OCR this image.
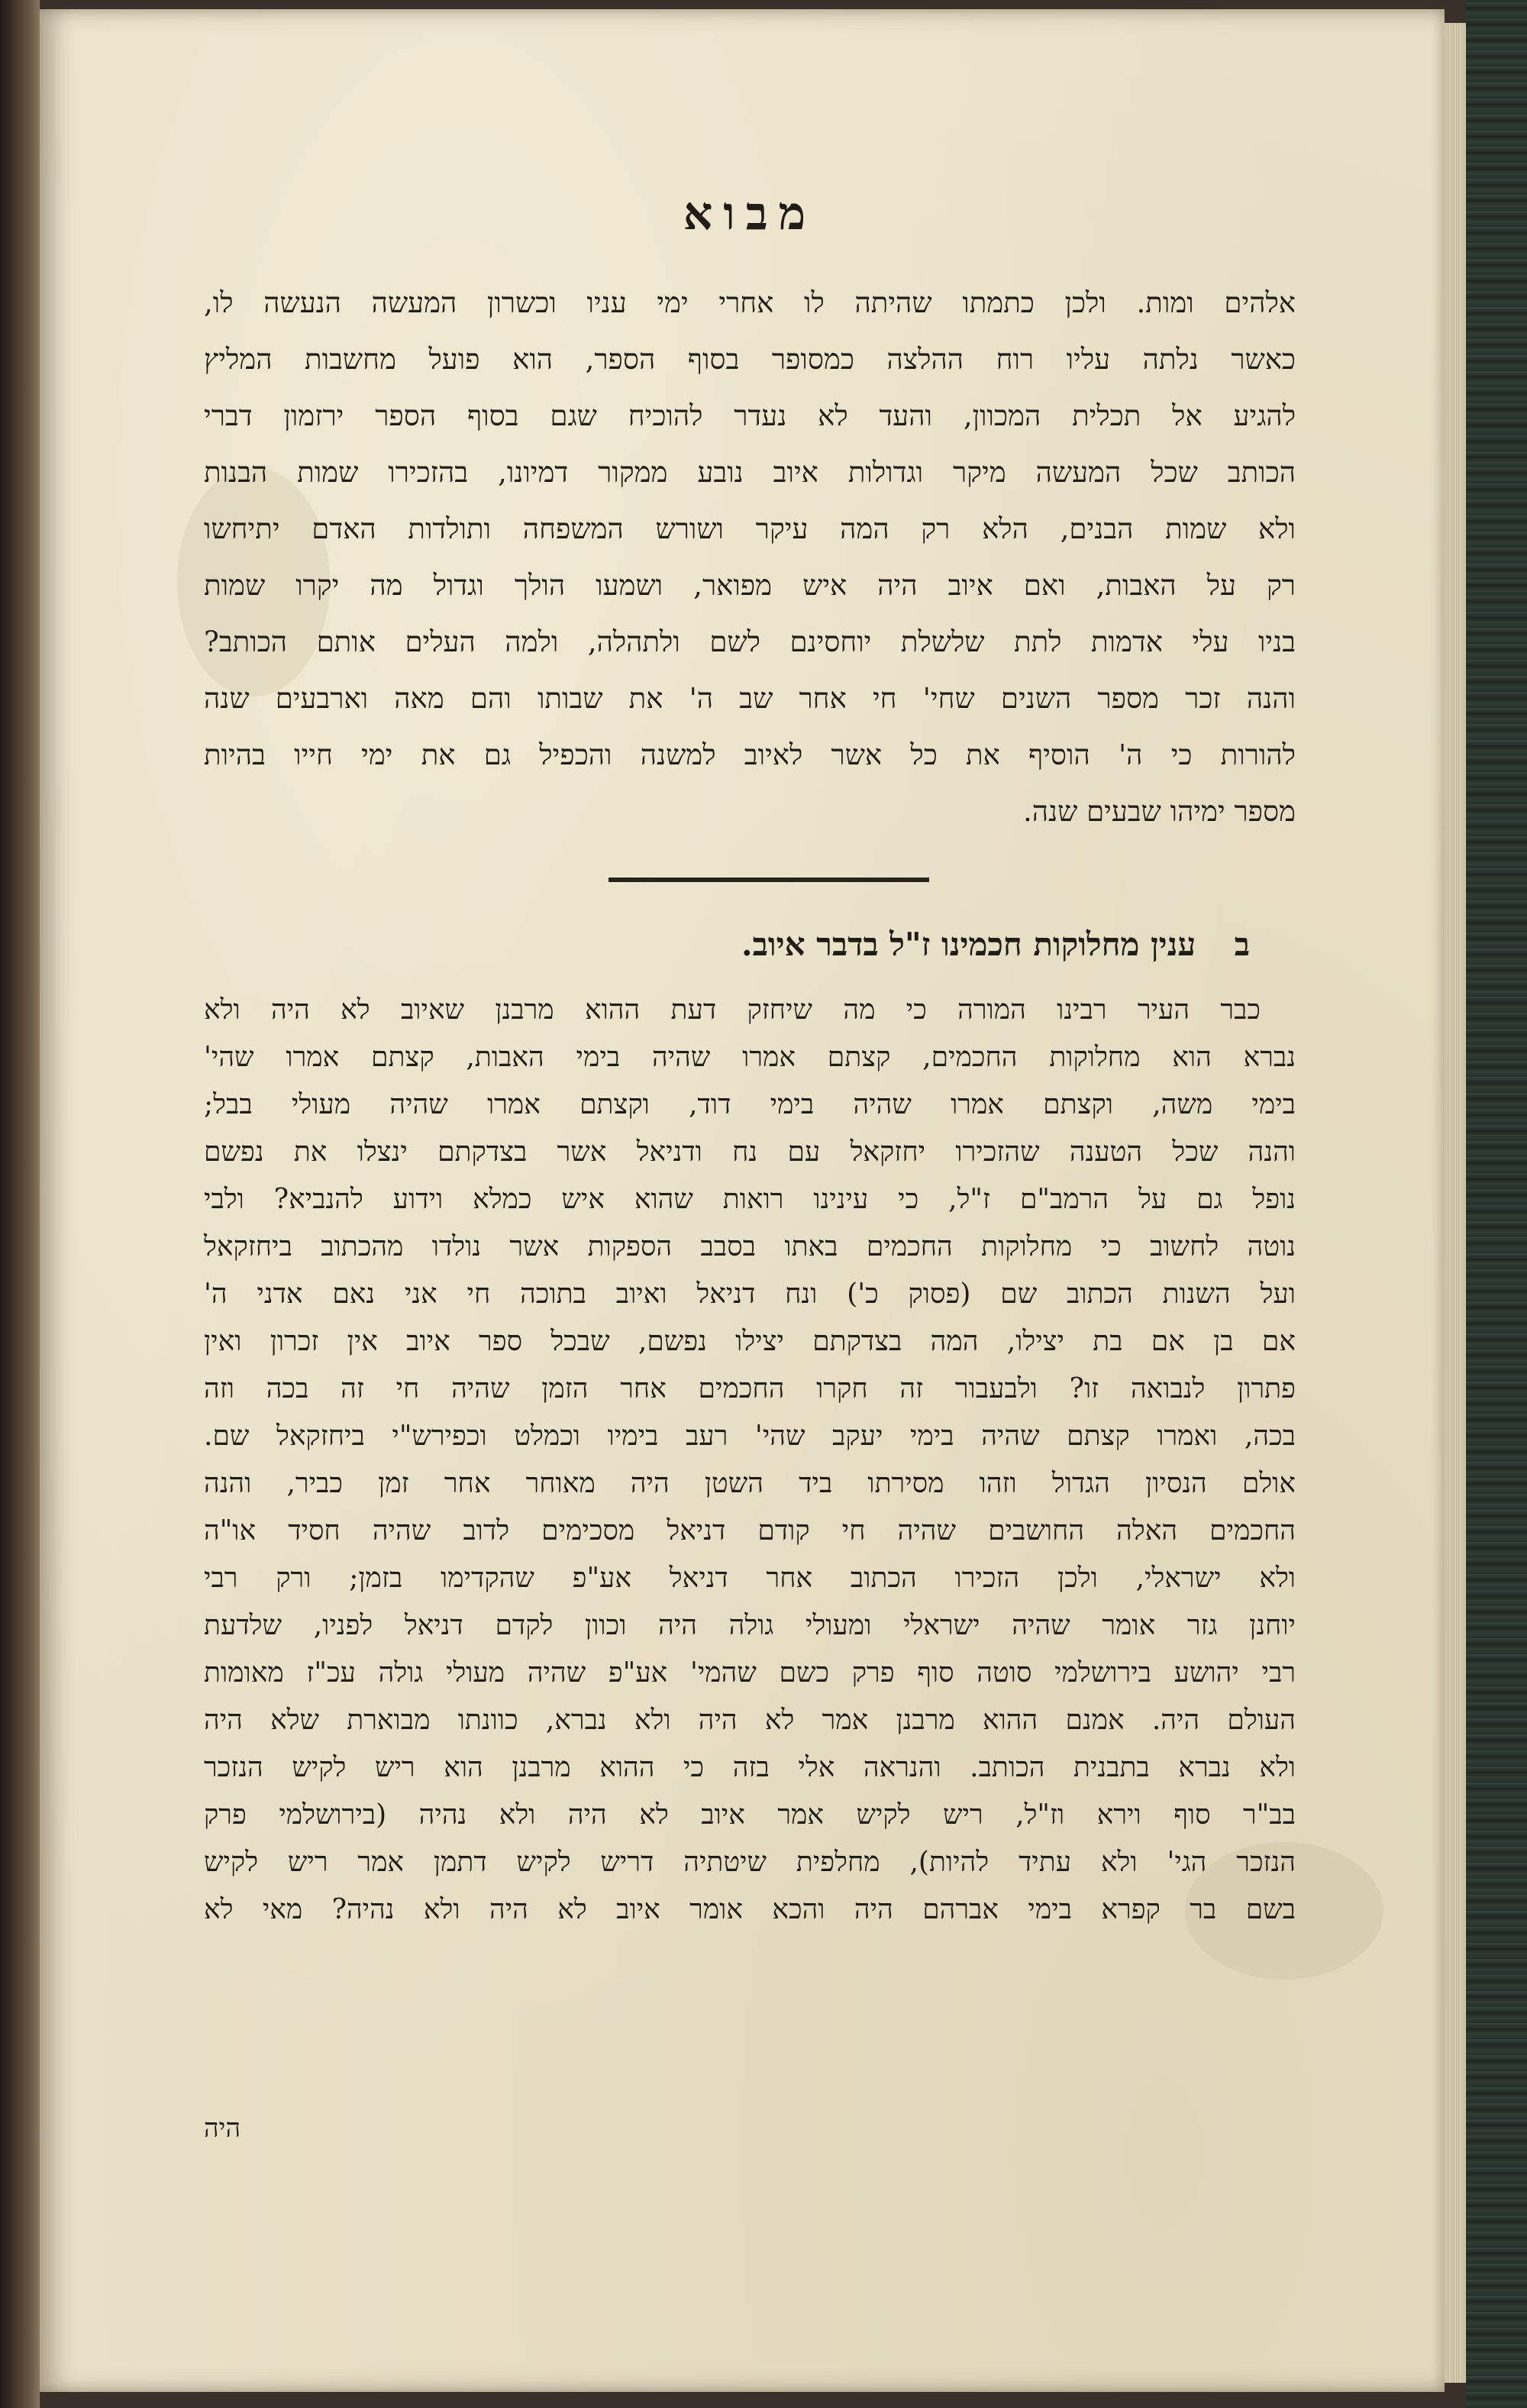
מבוא
אלהים ומות. ולכן כתמתו שהיתה לו אחרי ימי עניו וכשרון המעשה הנעשה לו,
כאשר נלתה עליו רוח ההלצה כמסופר בסוף הספר, הוא פועל מחשבות המליץ
להגיע אל תכלית המכוון, והעד לא נעדר להוכיח שגם בסוף הספר ירזמון דברי
הכותב שכל המעשה מיקר וגדולות איוב נובע ממקור דמיונו, בהזכירו שמות הבנות
ולא שמות הבנים, הלא רק המה עיקר ושורש המשפחה ותולדות האדם יתיחשו
רק על האבות, ואם איוב היה איש מפואר, ושמעו הולך וגדול מה יקרו שמות
בניו עלי אדמות לתת שלשלת יוחסינם לשם ולתהלה, ולמה העלים אותם הכותב?
והנה זכר מספר השנים שחי' חי אחר שב ה' את שבותו והם מאה וארבעים שנה
להורות כי ה' הוסיף את כל אשר לאיוב למשנה והכפיל גם את ימי חייו בהיות
מספר ימיהו שבעים שנה.
ב ענין מחלוקות חכמינו ז"ל בדבר איוב.
כבר העיר רבינו המורה כי מה שיחזק דעת ההוא מרבנן שאיוב לא היה ולא
נברא הוא מחלוקות החכמים, קצתם אמרו שהיה בימי האבות, קצתם אמרו שהי'
בימי משה, וקצתם אמרו שהיה בימי דוד, וקצתם אמרו שהיה מעולי בבל;
והנה שכל הטענה שהזכירו יחזקאל עם נח ודניאל אשר בצדקתם ינצלו את נפשם
נופל גם על הרמב"ם ז"ל, כי עינינו רואות שהוא איש כמלא וידוע להנביא? ולבי
נוטה לחשוב כי מחלוקות החכמים באתו בסבב הספקות אשר נולדו מהכתוב ביחזקאל
ועל השנות הכתוב שם (פסוק כ') ונח דניאל ואיוב בתוכה חי אני נאם אדני ה'
אם בן אם בת יצילו, המה בצדקתם יצילו נפשם, שבכל ספר איוב אין זכרון ואין
פתרון לנבואה זו? ולבעבור זה חקרו החכמים אחר הזמן שהיה חי זה בכה וזה
בכה, ואמרו קצתם שהיה בימי יעקב שהי' רעב בימיו וכמלט וכפירש"י ביחזקאל שם.
אולם הנסיון הגדול וזהו מסירתו ביד השטן היה מאוחר אחר זמן כביר, והנה
החכמים האלה החושבים שהיה חי קודם דניאל מסכימים לדוב שהיה חסיד או"ה
ולא ישראלי, ולכן הזכירו הכתוב אחר דניאל אע"פ שהקדימו בזמן; ורק רבי
יוחנן גזר אומר שהיה ישראלי ומעולי גולה היה וכוון לקדם דניאל לפניו, שלדעת
רבי יהושע בירושלמי סוטה סוף פרק כשם שהמי' אע"פ שהיה מעולי גולה עכ"ז מאומות
העולם היה. אמנם ההוא מרבנן אמר לא היה ולא נברא, כוונתו מבוארת שלא היה
ולא נברא בתבנית הכותב. והנראה אלי בזה כי ההוא מרבנן הוא ריש לקיש הנזכר
בב"ר סוף וירא וז"ל, ריש לקיש אמר איוב לא היה ולא נהיה (בירושלמי פרק
הנזכר הגי' ולא עתיד להיות), מחלפית שיטתיה דריש לקיש דתמן אמר ריש לקיש
בשם בר קפרא בימי אברהם היה והכא אומר איוב לא היה ולא נהיה? מאי לא
היה
